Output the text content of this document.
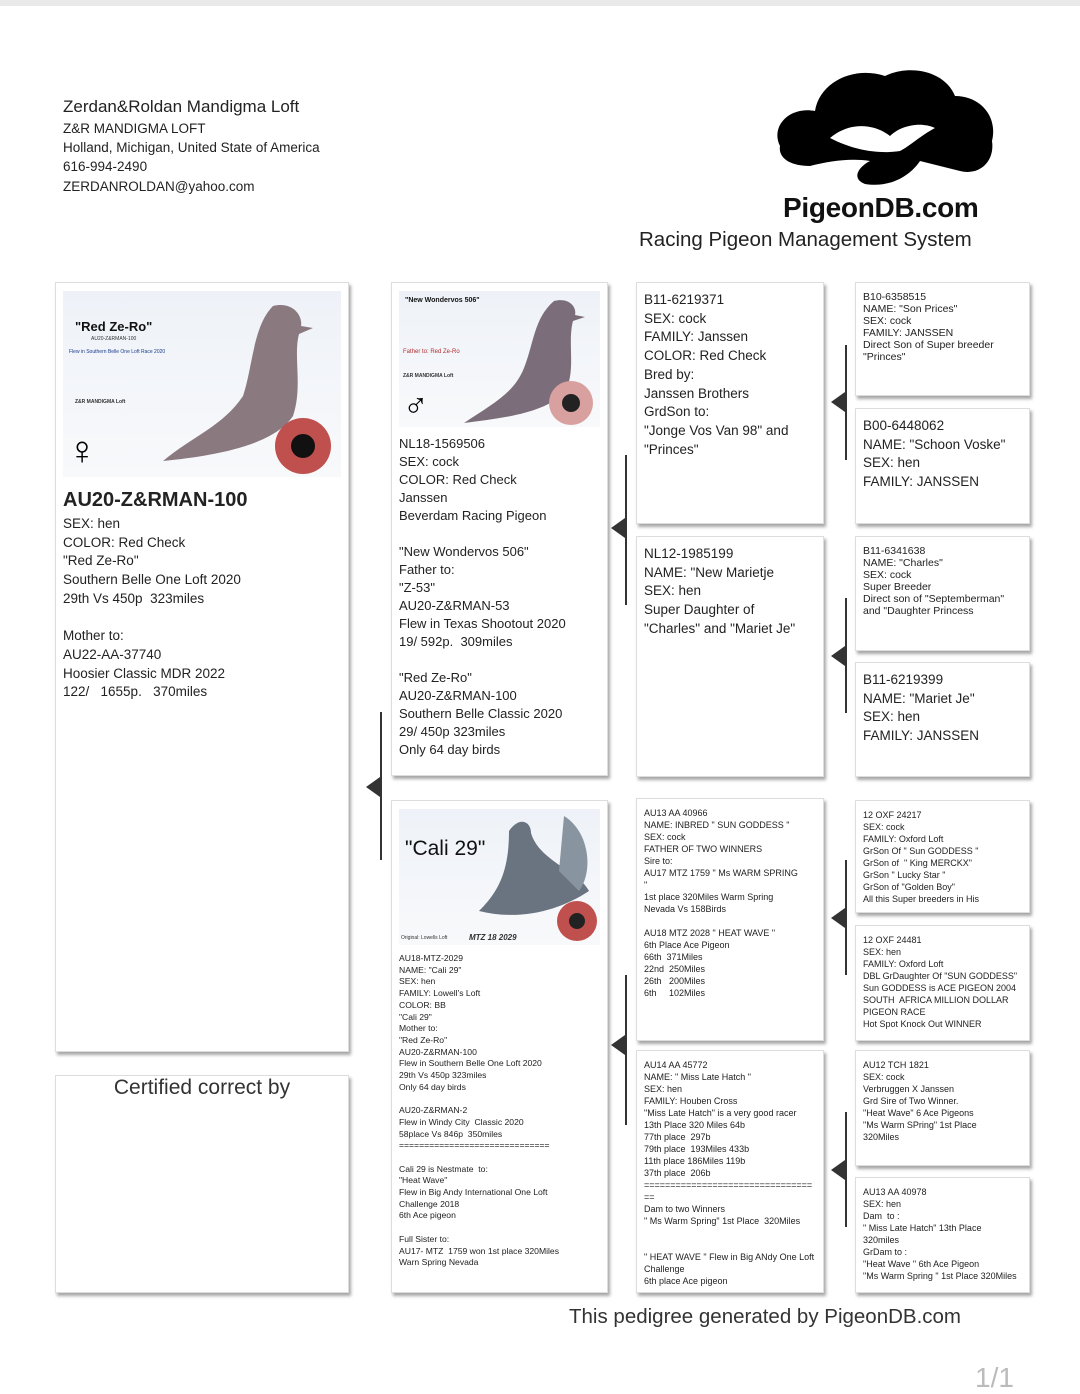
Zerdan&Roldan Mandigma Loft
Z&R MANDIGMA LOFT
Holland, Michigan, United State of America
616-994-2490
ZERDANROLDAN@yahoo.com
PigeonDB.com
Racing Pigeon Management System
"Red Ze-Ro"
AU20-Z&RMAN-100
Flew in Southern Belle One Loft Race 2020
Z&R MANDIGMA Loft
♀
AU20-Z&RMAN-100
SEX: hen
COLOR: Red Check
"Red Ze-Ro"
Southern Belle One Loft 2020
29th Vs 450p  323miles

Mother to:
AU22-AA-37740
Hoosier Classic MDR 2022
122/   1655p.   370miles
Certified correct by
"New Wondervos 506"
Father to: Red Ze-Ro
Z&R MANDIGMA Loft
♂
NL18-1569506
SEX: cock
COLOR: Red Check
Janssen
Beverdam Racing Pigeon

"New Wondervos 506"
Father to:
"Z-53"
AU20-Z&RMAN-53
Flew in Texas Shootout 2020
19/ 592p.  309miles

"Red Ze-Ro"
AU20-Z&RMAN-100
Southern Belle Classic 2020
29/ 450p 323miles
Only 64 day birds
"Cali 29"
MTZ 18 2029
Original: Lowells Loft
AU18-MTZ-2029
NAME: "Cali 29"
SEX: hen
FAMILY: Lowell's Loft
COLOR: BB
"Cali 29"
Mother to:
"Red Ze-Ro"
AU20-Z&RMAN-100
Flew in Southern Belle One Loft 2020
29th Vs 450p 323miles
Only 64 day birds

AU20-Z&RMAN-2
Flew in Windy City  Classic 2020
58place Vs 846p  350miles
==============================

Cali 29 is Nestmate  to:
"Heat Wave"
Flew in Big Andy International One Loft
Challenge 2018
6th Ace pigeon

Full Sister to:
AU17- MTZ  1759 won 1st place 320Miles
Warn Spring Nevada
B11-6219371
SEX: cock
FAMILY: Janssen
COLOR: Red Check
Bred by:
Janssen Brothers
GrdSon to:
"Jonge Vos Van 98" and
"Princes"
NL12-1985199
NAME: "New Marietje
SEX: hen
Super Daughter of
"Charles" and "Mariet Je"
AU13 AA 40966
NAME: INBRED " SUN GODDESS "
SEX: cock
FATHER OF TWO WINNERS
Sire to:
AU17 MTZ 1759 " Ms WARM SPRING
"
1st place 320Miles Warm Spring
Nevada Vs 158Birds

AU18 MTZ 2028 " HEAT WAVE "
6th Place Ace Pigeon
66th  371Miles
22nd  250Miles
26th   200Miles
6th     102Miles
AU14 AA 45772
NAME: " Miss Late Hatch "
SEX: hen
FAMILY: Houben Cross
"Miss Late Hatch" is a very good racer
13th Place 320 Miles 64b
77th place  297b
79th place  193Miles 433b
11th place 186Miles 119b
37th place  206b
==================================
Dam to two Winners
" Ms Warm Spring" 1st Place  320Miles

" HEAT WAVE " Flew in Big ANdy One Loft
Challenge
6th place Ace pigeon
B10-6358515
NAME: "Son Prices"
SEX: cock
FAMILY: JANSSEN
Direct Son of Super breeder
"Princes"
B00-6448062
NAME: "Schoon Voske"
SEX: hen
FAMILY: JANSSEN
B11-6341638
NAME: "Charles"
SEX: cock
Super Breeder
Direct son of "Septemberman"
and "Daughter Princess
B11-6219399
NAME: "Mariet Je"
SEX: hen
FAMILY: JANSSEN
12 OXF 24217
SEX: cock
FAMILY: Oxford Loft
GrSon Of " Sun GODDESS "
GrSon of  " King MERCKX"
GrSon " Lucky Star "
GrSon of "Golden Boy"
All this Super breeders in His
12 OXF 24481
SEX: hen
FAMILY: Oxford Loft
DBL GrDaughter Of "SUN GODDESS"
Sun GODDESS is ACE PIGEON 2004
SOUTH  AFRICA MILLION DOLLAR
PIGEON RACE
Hot Spot Knock Out WINNER
AU12 TCH 1821
SEX: cock
Verbruggen X Janssen
Grd Sire of Two Winner.
"Heat Wave" 6 Ace Pigeons
"Ms Warm SPring" 1st Place
320Miles
AU13 AA 40978
SEX: hen
Dam  to :
" Miss Late Hatch" 13th Place
320miles
GrDam to :
"Heat Wave " 6th Ace Pigeon
"Ms Warm Spring " 1st Place 320Miles
This pedigree generated by PigeonDB.com
1/1
